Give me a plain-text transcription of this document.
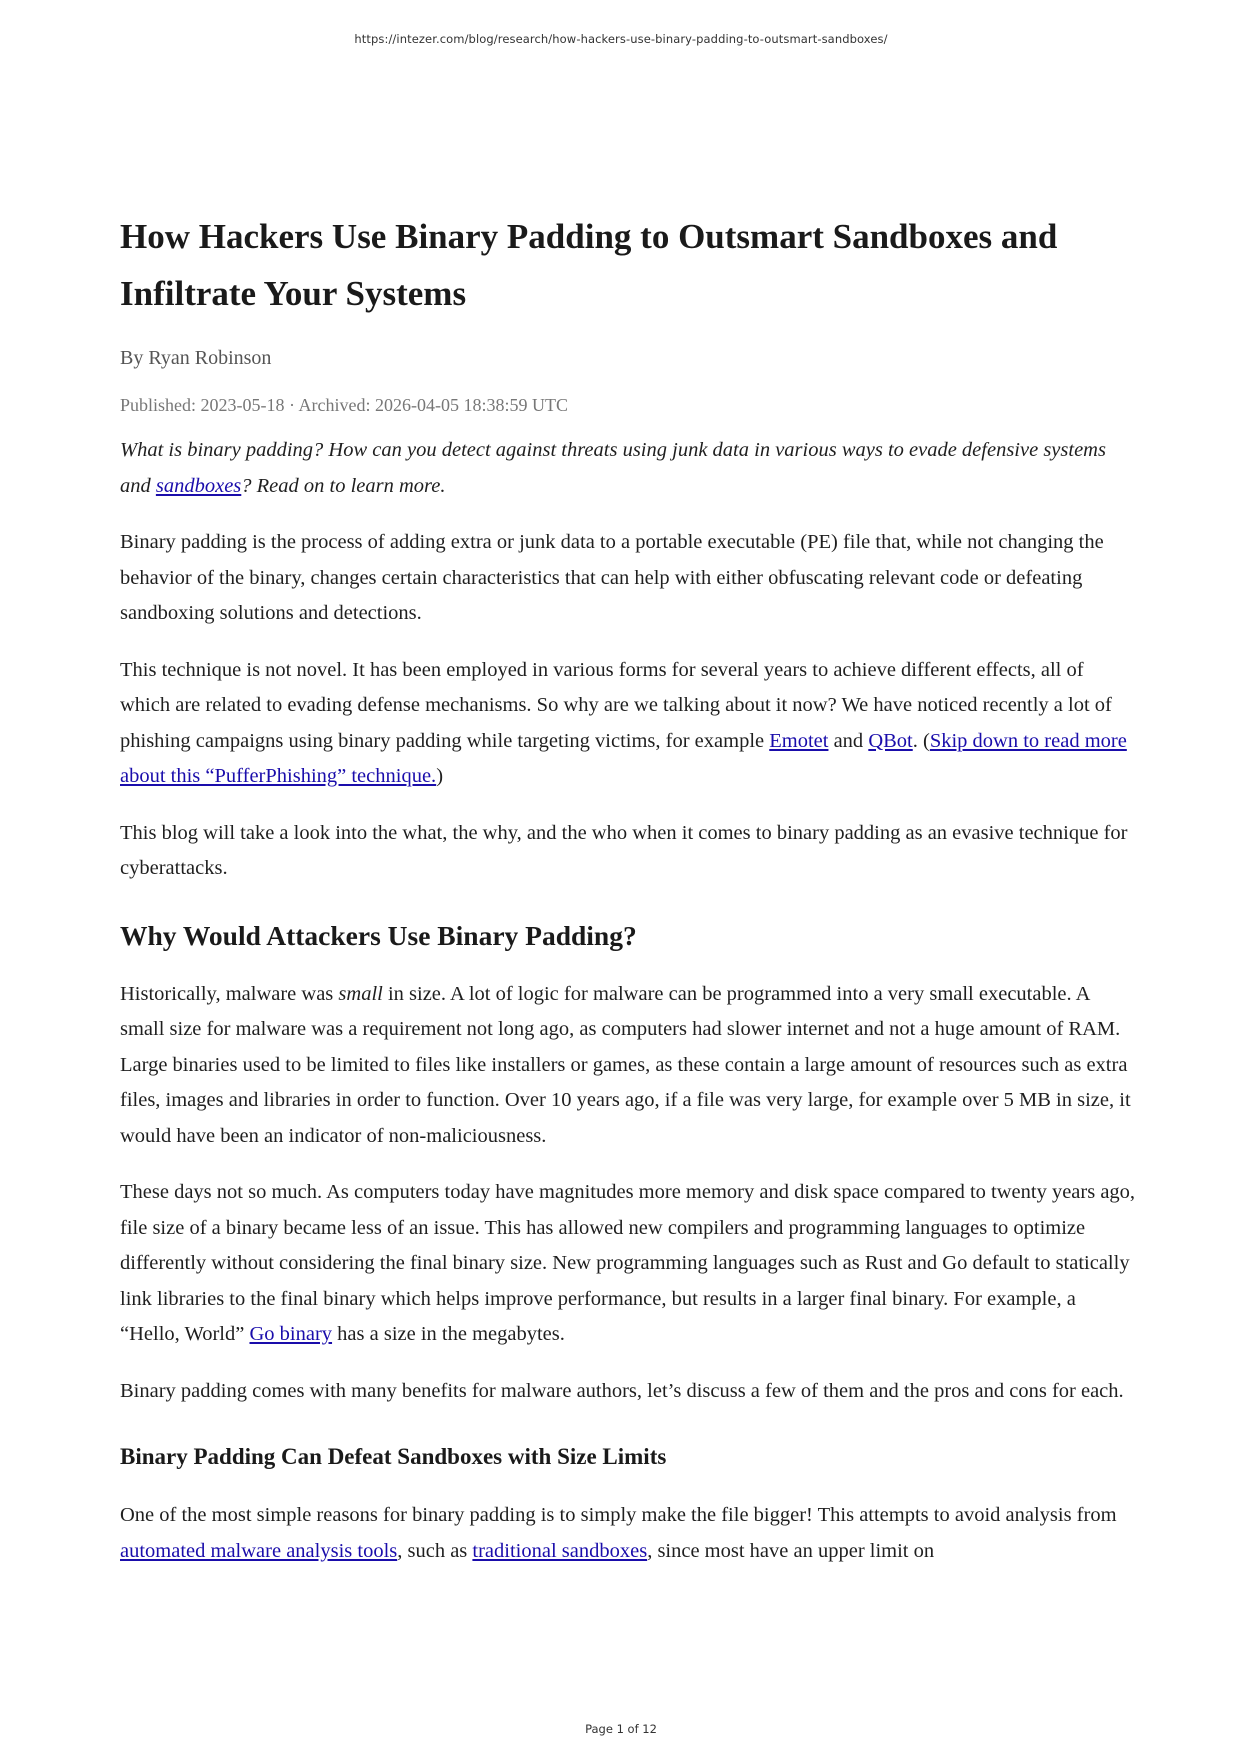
https://intezer.com/blog/research/how-hackers-use-binary-padding-to-outsmart-sandboxes/
How Hackers Use Binary Padding to Outsmart Sandboxes and Infiltrate Your Systems
By Ryan Robinson
Published: 2023-05-18 · Archived: 2026-04-05 18:38:59 UTC

What is binary padding? How can you detect against threats using junk data in various ways to evade defensive systems and sandboxes? Read on to learn more.

Binary padding is the process of adding extra or junk data to a portable executable (PE) file that, while not changing the behavior of the binary, changes certain characteristics that can help with either obfuscating relevant code or defeating sandboxing solutions and detections.

This technique is not novel. It has been employed in various forms for several years to achieve different effects, all of which are related to evading defense mechanisms. So why are we talking about it now? We have noticed recently a lot of phishing campaigns using binary padding while targeting victims, for example Emotet and QBot. (Skip down to read more about this “PufferPhishing” technique.)

This blog will take a look into the what, the why, and the who when it comes to binary padding as an evasive technique for cyberattacks.

Why Would Attackers Use Binary Padding?

Historically, malware was small in size. A lot of logic for malware can be programmed into a very small executable. A small size for malware was a requirement not long ago, as computers had slower internet and not a huge amount of RAM. Large binaries used to be limited to files like installers or games, as these contain a large amount of resources such as extra files, images and libraries in order to function. Over 10 years ago, if a file was very large, for example over 5 MB in size, it would have been an indicator of non-maliciousness.

These days not so much. As computers today have magnitudes more memory and disk space compared to twenty years ago, file size of a binary became less of an issue. This has allowed new compilers and programming languages to optimize differently without considering the final binary size. New programming languages such as Rust and Go default to statically link libraries to the final binary which helps improve performance, but results in a larger final binary. For example, a “Hello, World” Go binary has a size in the megabytes.

Binary padding comes with many benefits for malware authors, let’s discuss a few of them and the pros and cons for each.

Binary Padding Can Defeat Sandboxes with Size Limits

One of the most simple reasons for binary padding is to simply make the file bigger! This attempts to avoid analysis from automated malware analysis tools, such as traditional sandboxes, since most have an upper limit on

Page 1 of 12
